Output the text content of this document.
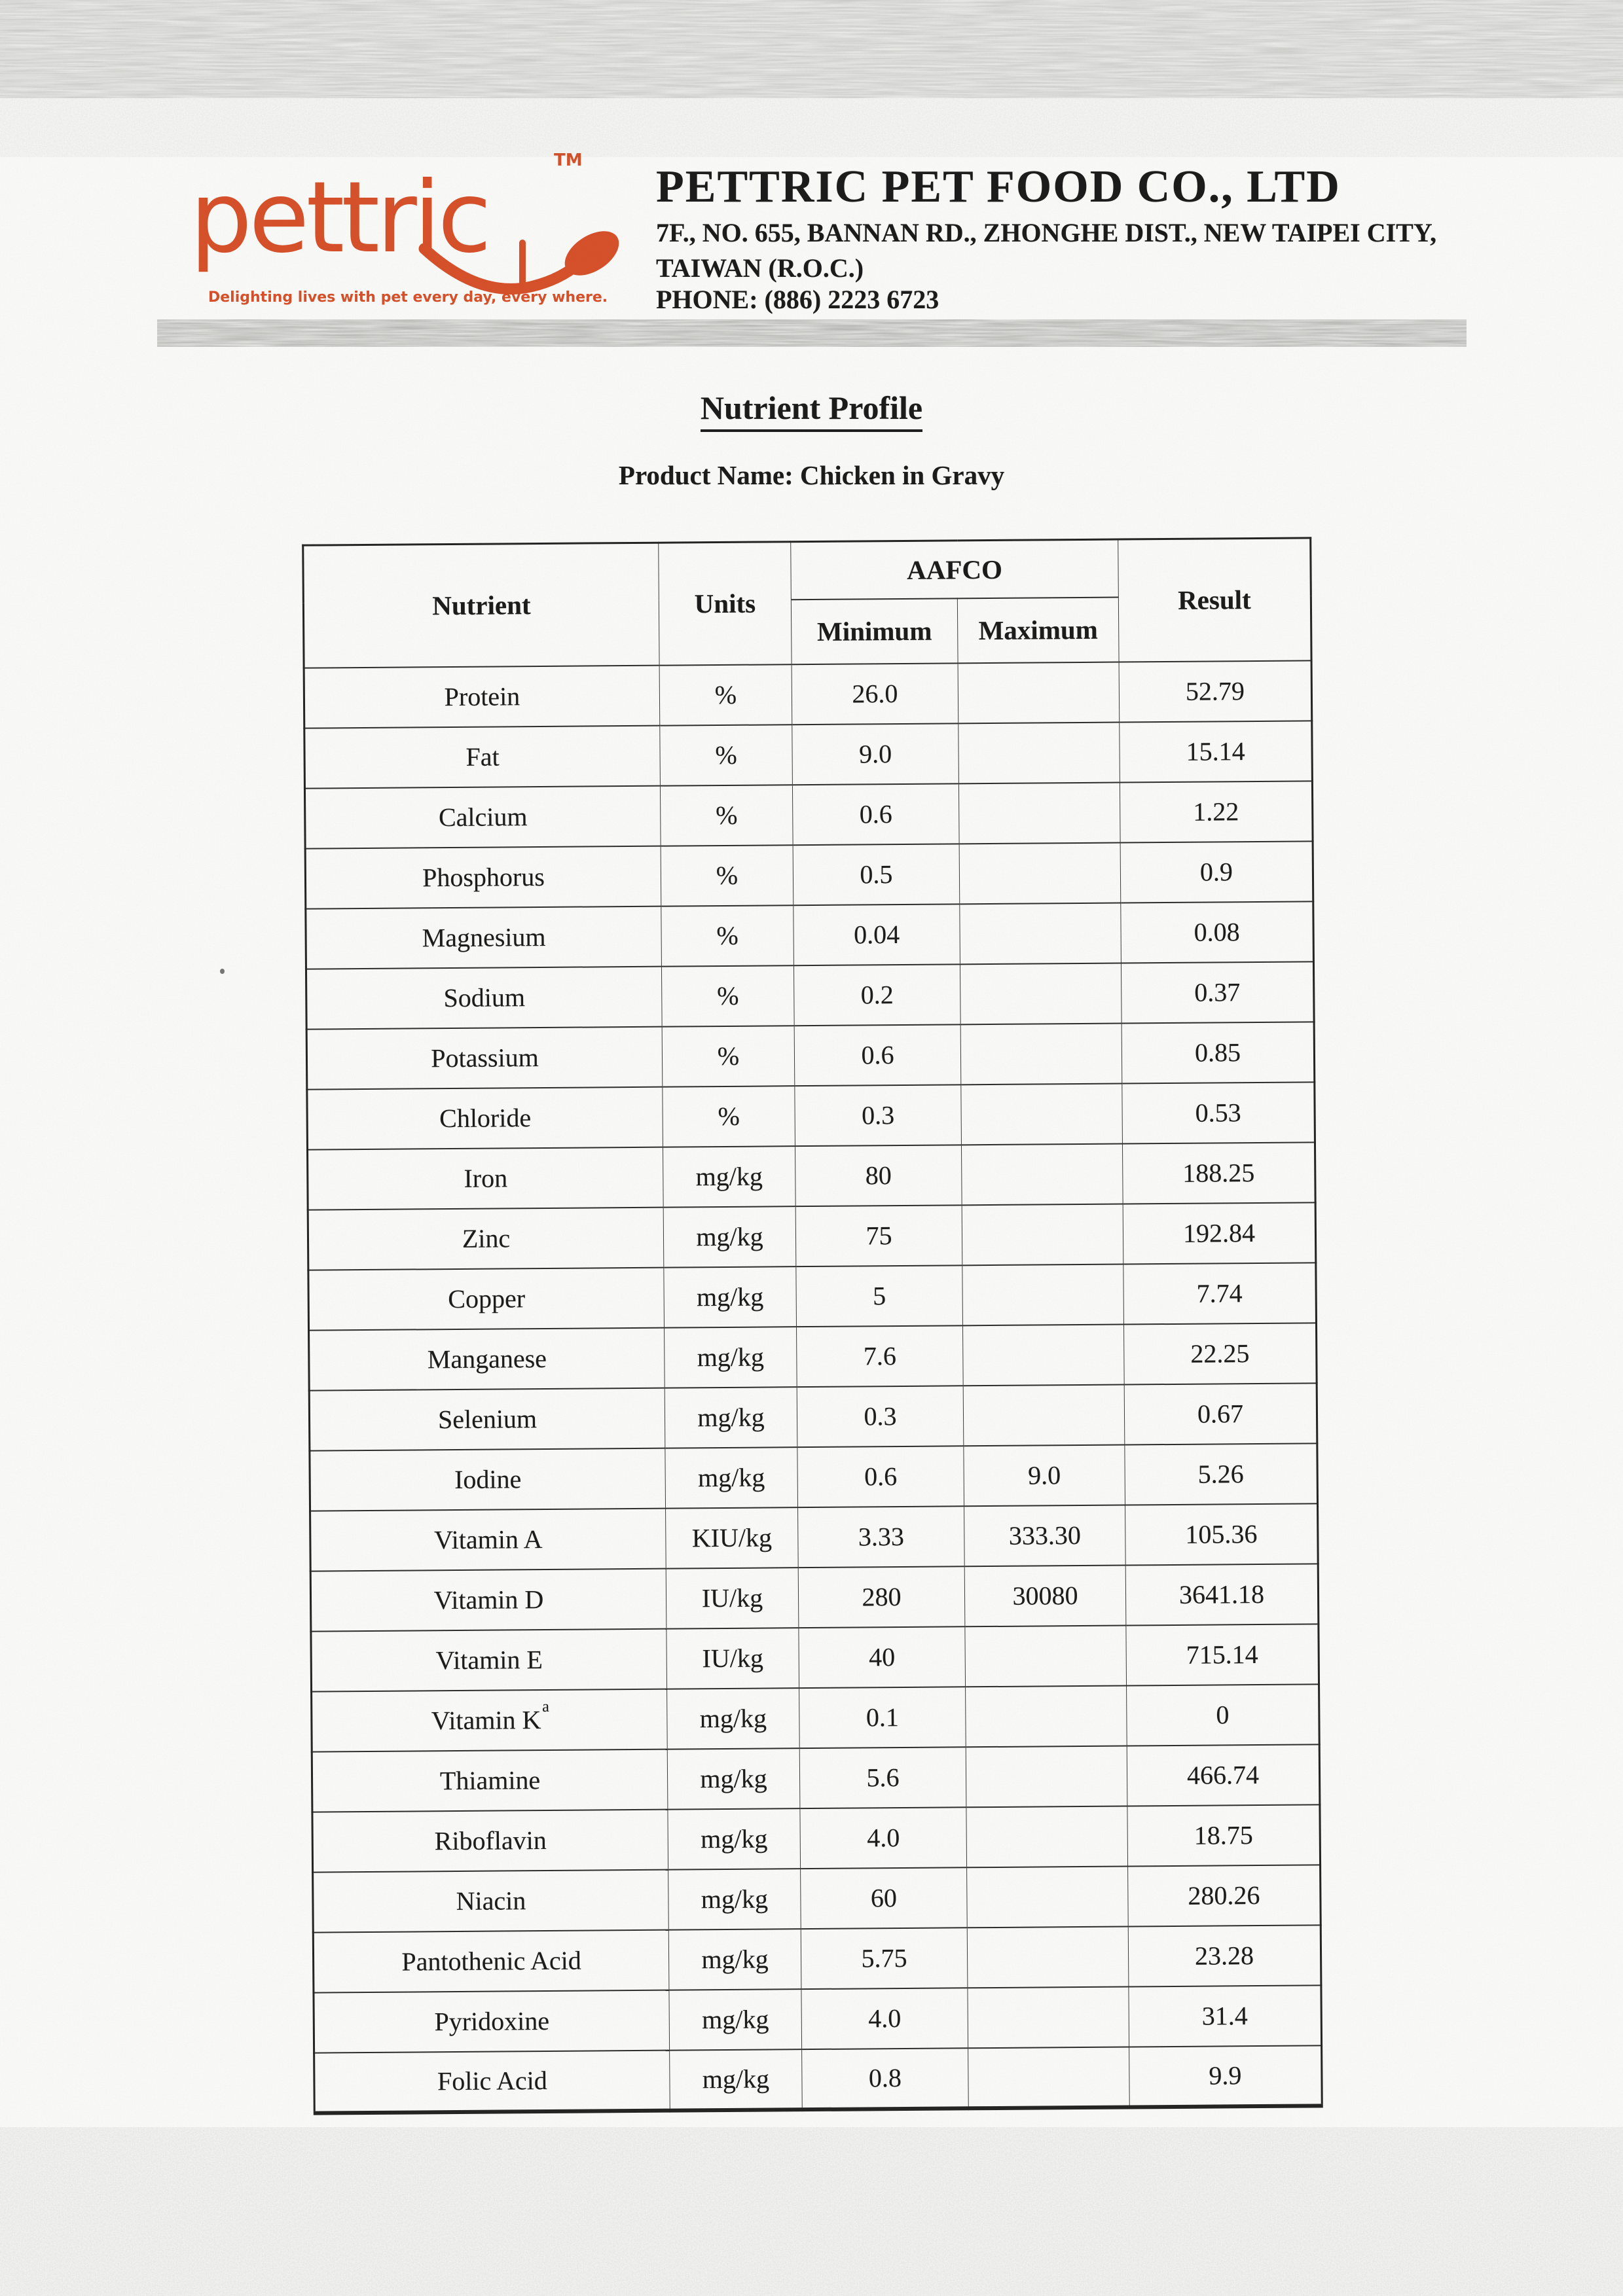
pettric
TM
Delighting lives with pet every day, every where.
PETTRIC PET FOOD CO., LTD
7F., NO. 655, BANNAN RD., ZHONGHE DIST., NEW TAIPEI CITY,
TAIWAN (R.O.C.)
PHONE: (886) 2223 6723
Nutrient Profile
Product Name: Chicken in Gravy
Nutrient	Units	AAFCO		Result
		Minimum	Maximum	
Protein	%	26.0		52.79
Fat	%	9.0		15.14
Calcium	%	0.6		1.22
Phosphorus	%	0.5		0.9
Magnesium	%	0.04		0.08
Sodium	%	0.2		0.37
Potassium	%	0.6		0.85
Chloride	%	0.3		0.53
Iron	mg/kg	80		188.25
Zinc	mg/kg	75		192.84
Copper	mg/kg	5		7.74
Manganese	mg/kg	7.6		22.25
Selenium	mg/kg	0.3		0.67
Iodine	mg/kg	0.6	9.0	5.26
Vitamin A	KIU/kg	3.33	333.30	105.36
Vitamin D	IU/kg	280	30080	3641.18
Vitamin E	IU/kg	40		715.14
Vitamin $K^a$	mg/kg	0.1		0
Thiamine	mg/kg	5.6		466.74
Riboflavin	mg/kg	4.0		18.75
Niacin	mg/kg	60		280.26
Pantothenic Acid	mg/kg	5.75		23.28
Pyridoxine	mg/kg	4.0		31.4
Folic Acid	mg/kg	0.8		9.9
